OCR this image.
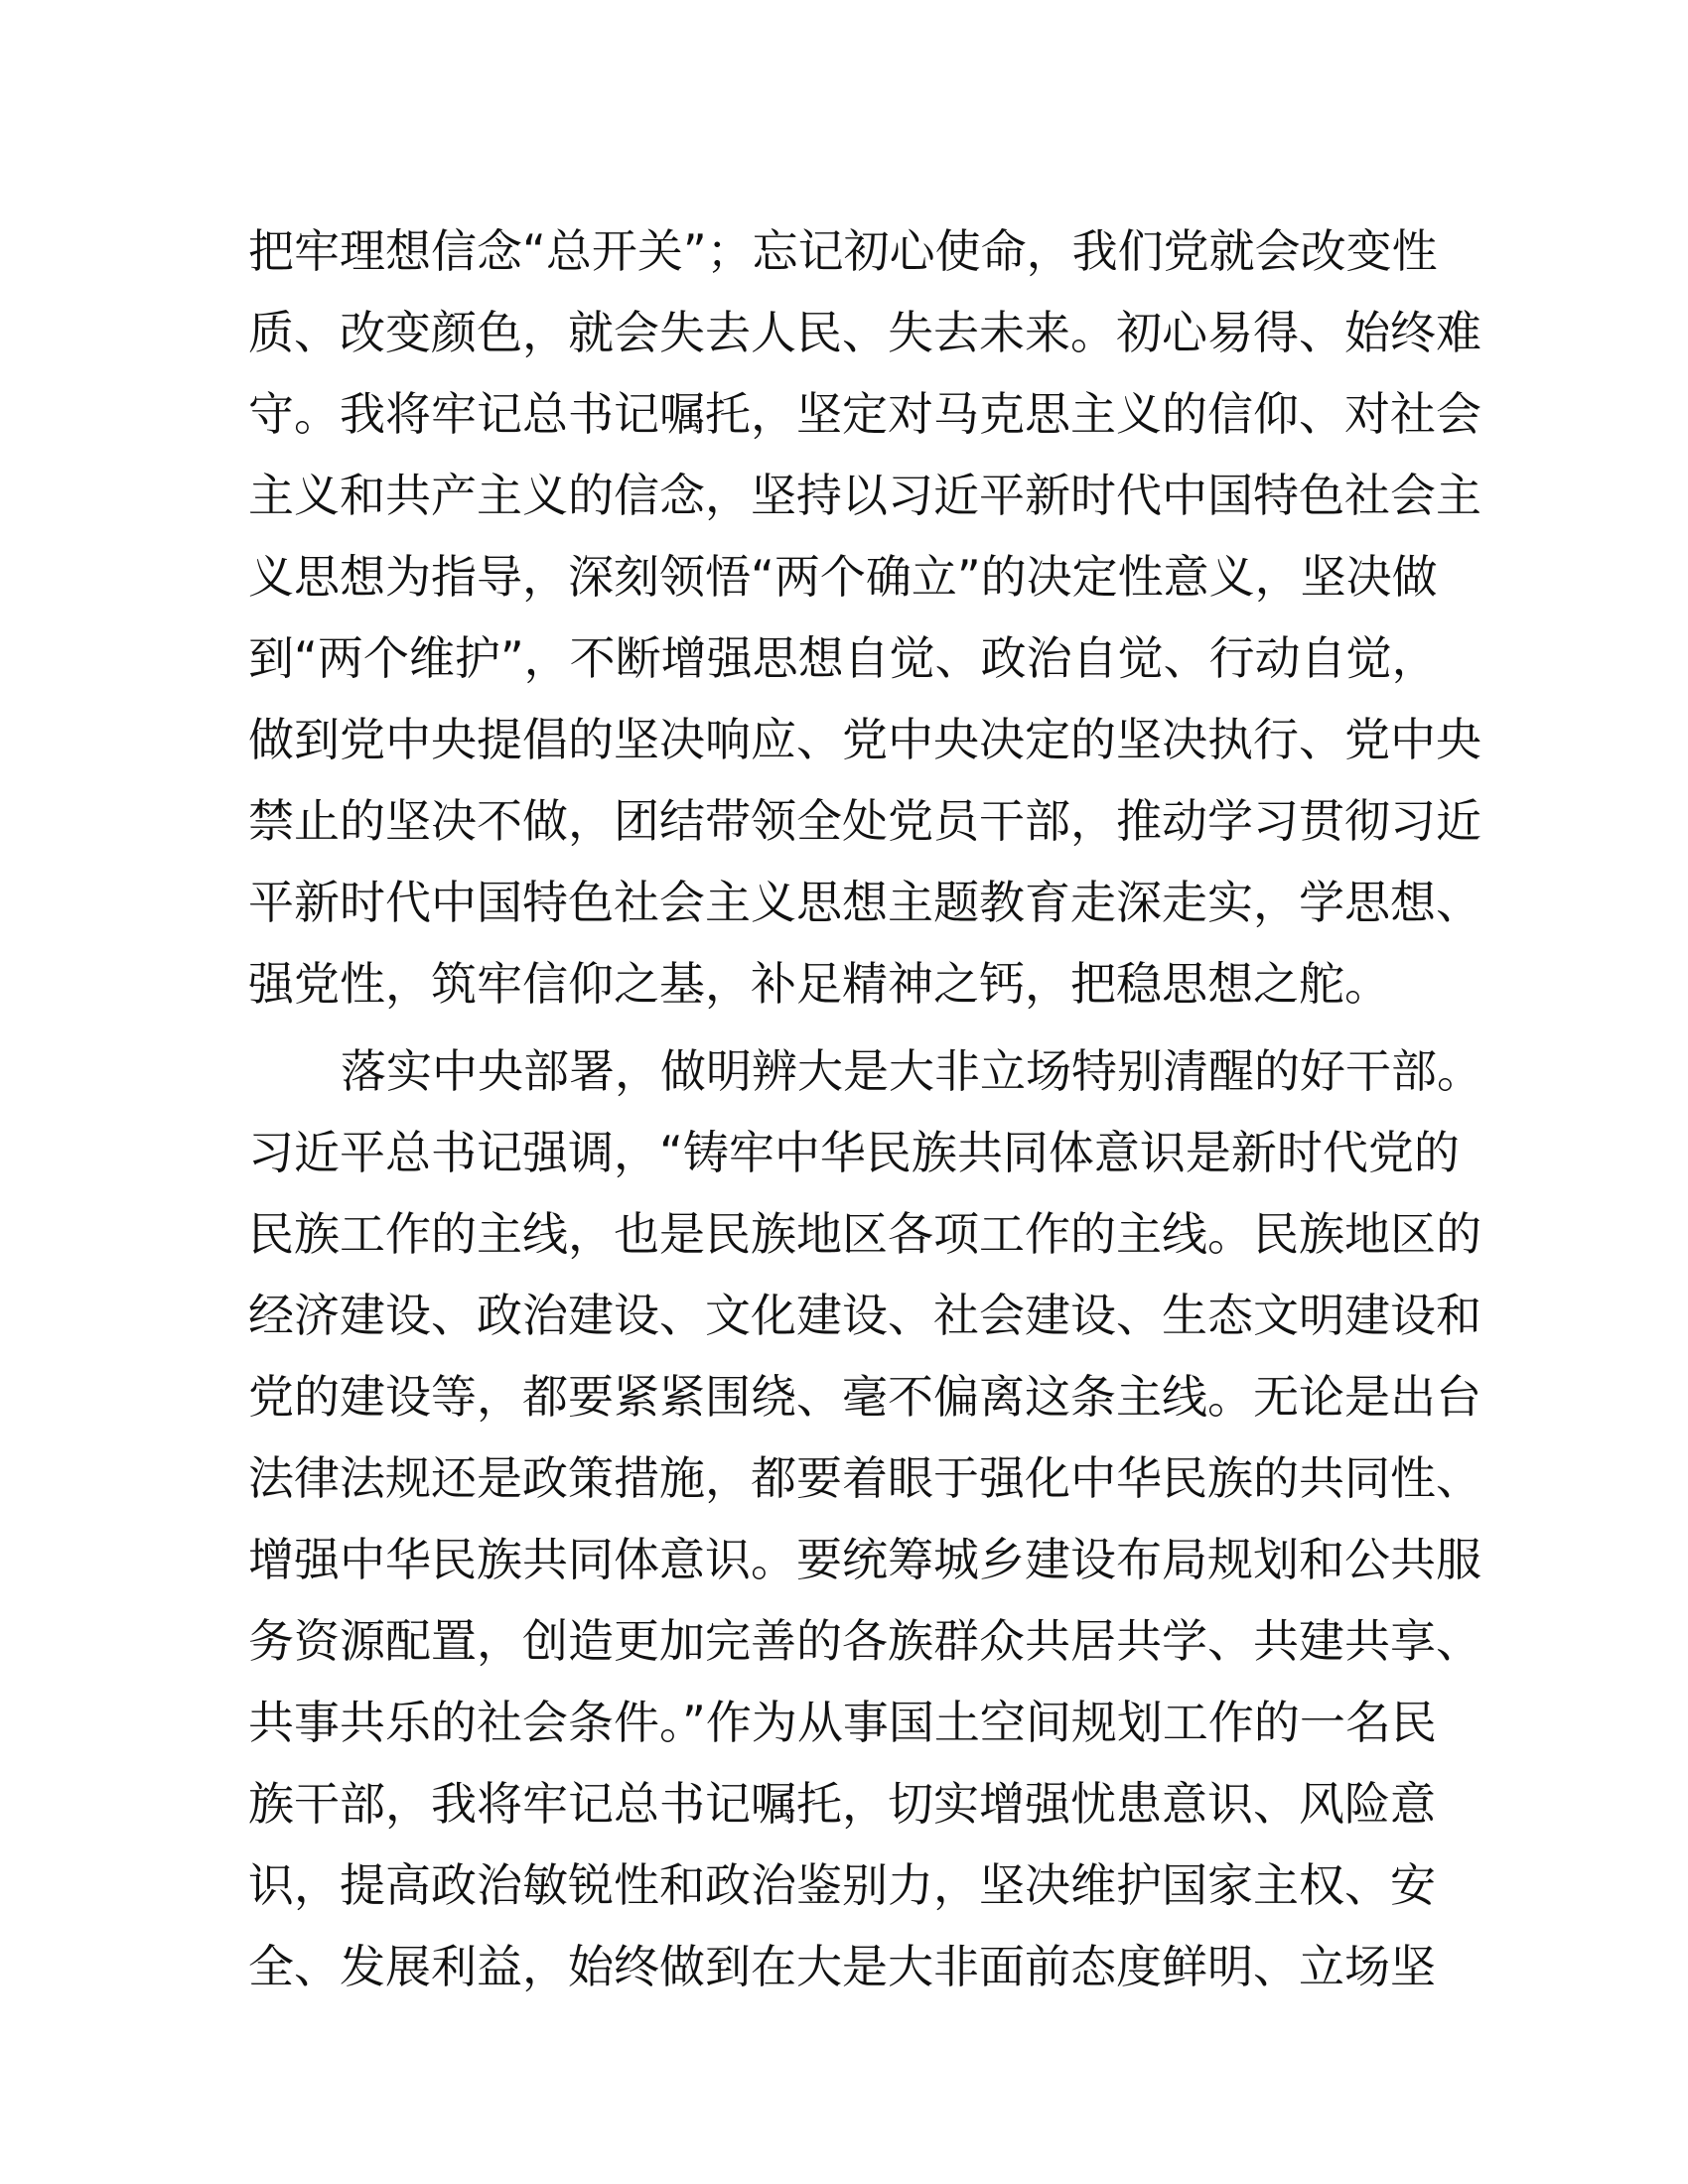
把牢理想信念“总开关”；忘记初心使命，我们党就会改变性
质、改变颜色，就会失去人民、失去未来。初心易得、始终难
守。我将牢记总书记嘱托，坚定对马克思主义的信仰、对社会
主义和共产主义的信念，坚持以习近平新时代中国特色社会主
义思想为指导，深刻领悟“两个确立”的决定性意义，坚决做
到“两个维护”，不断增强思想自觉、政治自觉、行动自觉，
做到党中央提倡的坚决响应、党中央决定的坚决执行、党中央
禁止的坚决不做，团结带领全处党员干部，推动学习贯彻习近
平新时代中国特色社会主义思想主题教育走深走实，学思想、
强党性，筑牢信仰之基，补足精神之钙，把稳思想之舵。
落实中央部署，做明辨大是大非立场特别清醒的好干部。
习近平总书记强调，“铸牢中华民族共同体意识是新时代党的
民族工作的主线，也是民族地区各项工作的主线。民族地区的
经济建设、政治建设、文化建设、社会建设、生态文明建设和
党的建设等，都要紧紧围绕、毫不偏离这条主线。无论是出台
法律法规还是政策措施，都要着眼于强化中华民族的共同性、
增强中华民族共同体意识。要统筹城乡建设布局规划和公共服
务资源配置，创造更加完善的各族群众共居共学、共建共享、
共事共乐的社会条件。”作为从事国土空间规划工作的一名民
族干部，我将牢记总书记嘱托，切实增强忧患意识、风险意
识，提高政治敏锐性和政治鉴别力，坚决维护国家主权、安
全、发展利益，始终做到在大是大非面前态度鲜明、立场坚
